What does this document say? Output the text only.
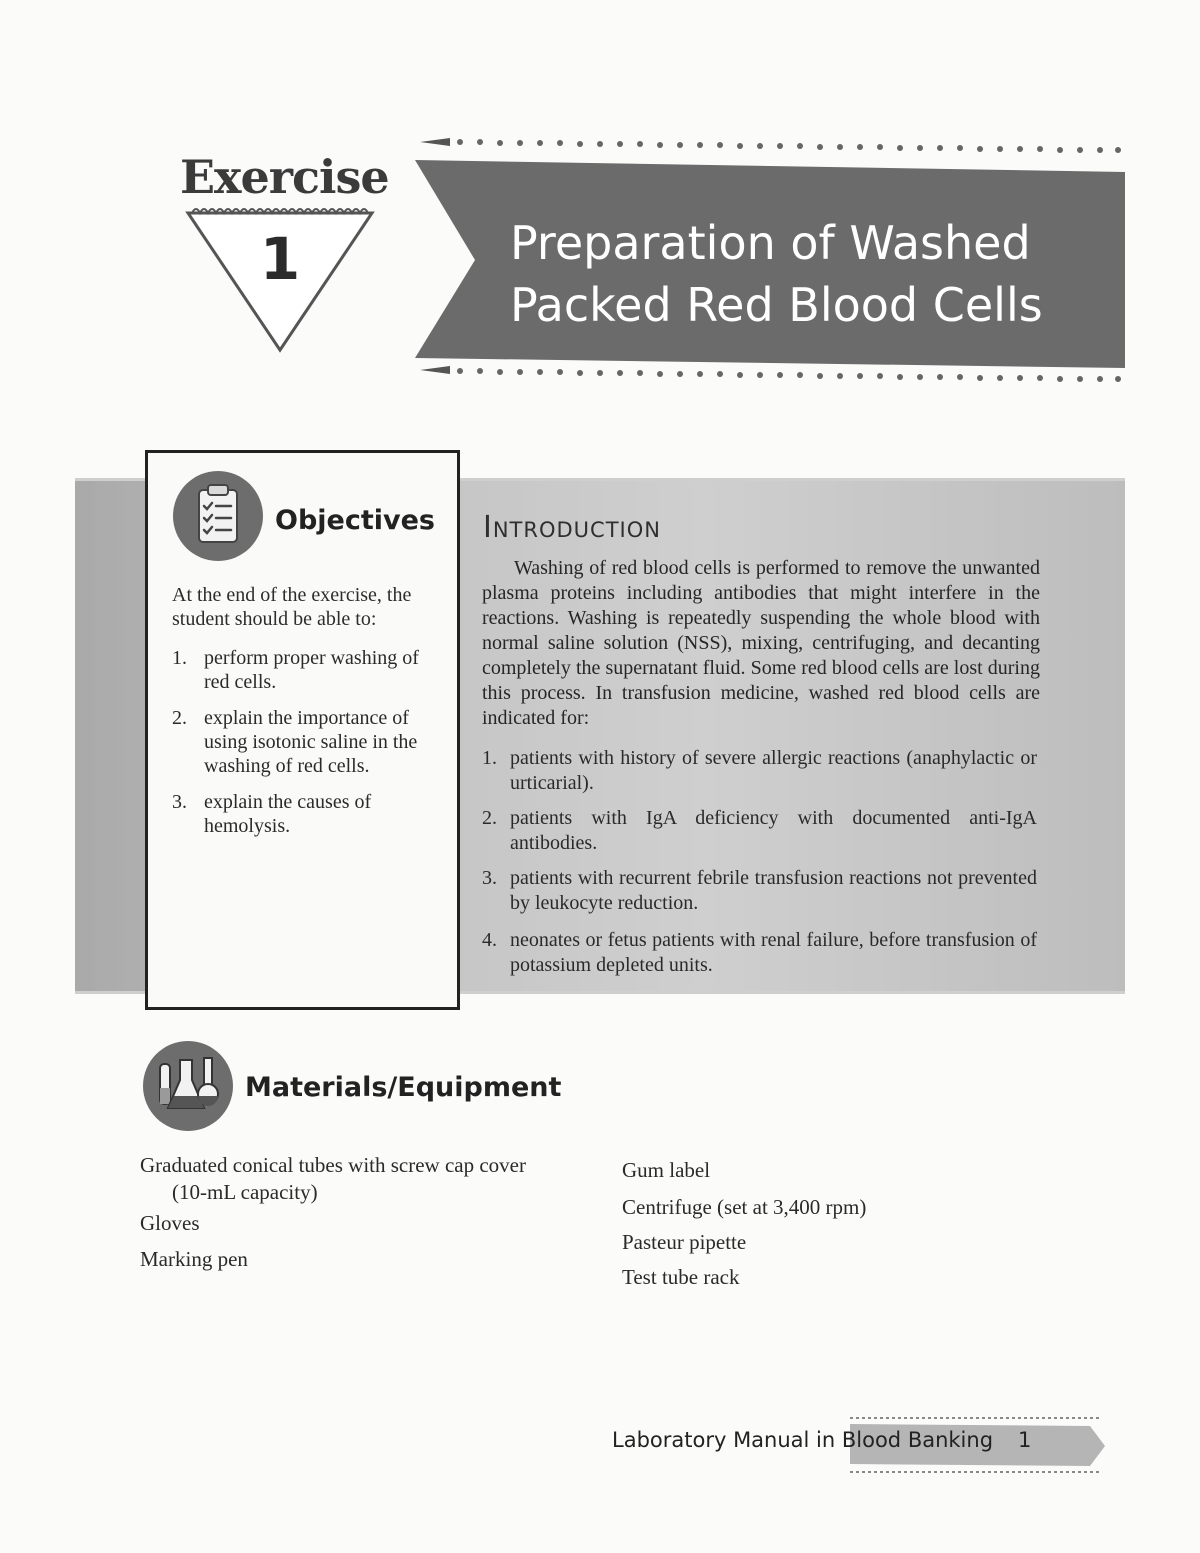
Exercise
1	Preparation of Washed
Packed Red Blood Cells
Objectives
At the end of the exercise, the student should be able to:
1. perform proper washing of red cells.
2. explain the importance of using isotonic saline in the washing of red cells.
3. explain the causes of hemolysis.
Introduction
Washing of red blood cells is performed to remove the unwanted plasma proteins including antibodies that might interfere in the reactions. Washing is repeatedly suspending the whole blood with normal saline solution (NSS), mixing, centrifuging, and decanting completely the supernatant fluid. Some red blood cells are lost during this process. In transfusion medicine, washed red blood cells are indicated for:
1. patients with history of severe allergic reactions (anaphylactic or urticarial).
2. patients with IgA deficiency with documented anti-IgA antibodies.
3. patients with recurrent febrile transfusion reactions not prevented by leukocyte reduction.
4. neonates or fetus patients with renal failure, before transfusion of potassium depleted units.
Materials/Equipment
Graduated conical tubes with screw cap cover
(10-mL capacity)
Gloves
Marking pen
Gum label
Centrifuge (set at 3,400 rpm)
Pasteur pipette
Test tube rack
Laboratory Manual in Blood Banking 1
